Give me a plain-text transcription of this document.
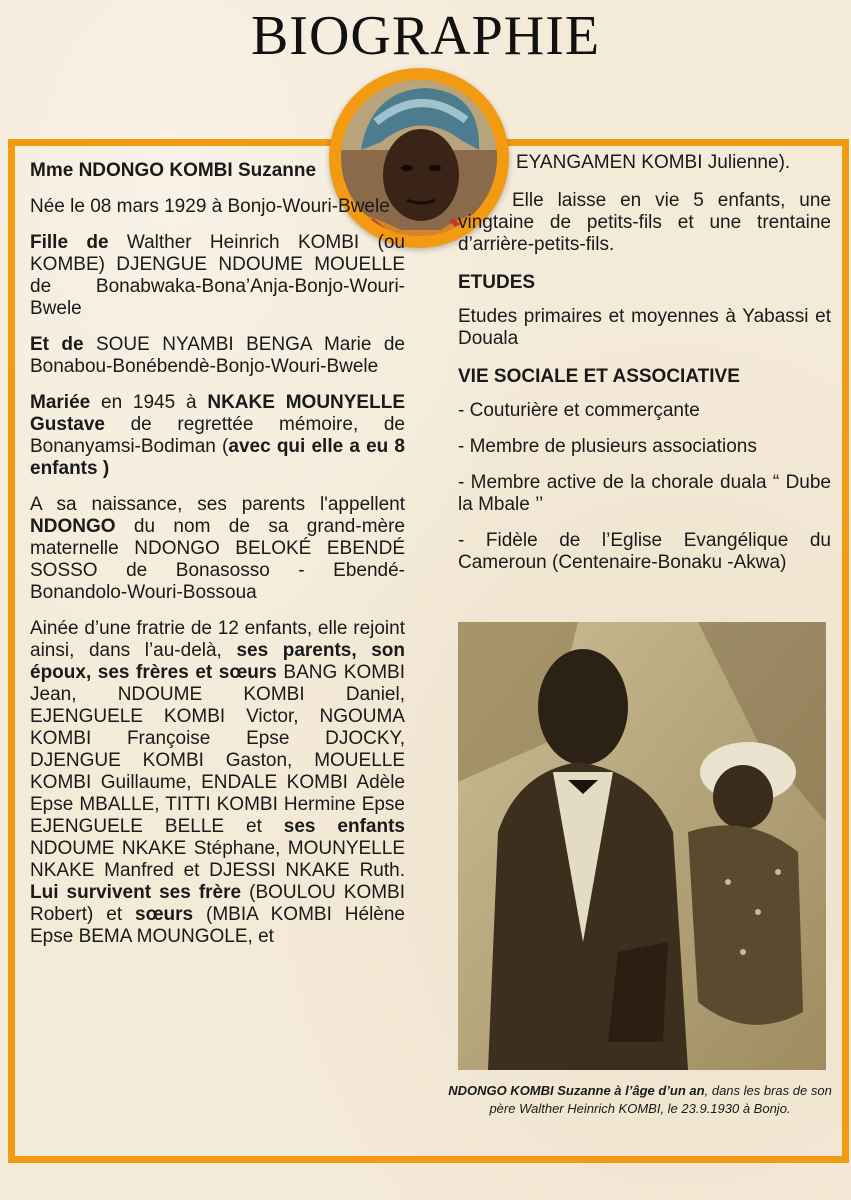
BIOGRAPHIE

Mme NDONGO KOMBI Suzanne

Née le 08 mars 1929 à Bonjo-Wouri-Bwele

Fille de Walther Heinrich KOMBI (ou KOMBE) DJENGUE NDOUME MOUELLE de Bonabwaka-Bona’Anja-Bonjo-Wouri-Bwele

Et de SOUE NYAMBI BENGA Marie de Bonabou-Bonébendè-Bonjo-Wouri-Bwele

Mariée en 1945 à NKAKE MOUNYELLE Gustave de regrettée mémoire, de Bonanyamsi-Bodiman (avec qui elle a eu 8 enfants )

A sa naissance, ses parents l'appellent NDONGO du nom de sa grand-mère maternelle NDONGO BELOKÉ EBENDÉ SOSSO de Bonasosso - Ebendé-Bonandolo-Wouri-Bossoua

Ainée d’une fratrie de 12 enfants, elle rejoint ainsi, dans l’au-delà, ses parents, son époux, ses frères et sœurs BANG KOMBI Jean, NDOUME KOMBI Daniel, EJENGUELE KOMBI Victor, NGOUMA KOMBI Françoise Epse DJOCKY, DJENGUE KOMBI Gaston, MOUELLE KOMBI Guillaume, ENDALE KOMBI Adèle Epse MBALLE, TITTI KOMBI Hermine Epse EJENGUELE BELLE et ses enfants NDOUME NKAKE Stéphane, MOUNYELLE NKAKE Manfred et DJESSI NKAKE Ruth. Lui survivent ses frère (BOULOU KOMBI Robert) et sœurs (MBIA KOMBI Hélène Epse BEMA MOUNGOLE, et

EYANGAMEN KOMBI Julienne).

Elle laisse en vie 5 enfants, une vingtaine de petits-fils et une trentaine d’arrière-petits-fils.

ETUDES

Etudes primaires et moyennes à Yabassi et Douala

VIE SOCIALE ET ASSOCIATIVE

- Couturière et commerçante

- Membre de plusieurs associations

- Membre active de la chorale duala “ Dube la Mbale ’’

- Fidèle de l’Eglise Evangélique du Cameroun (Centenaire-Bonaku -Akwa)

NDONGO KOMBI Suzanne à l’âge d’un an, dans les bras de son père Walther Heinrich KOMBI, le 23.9.1930 à Bonjo.
